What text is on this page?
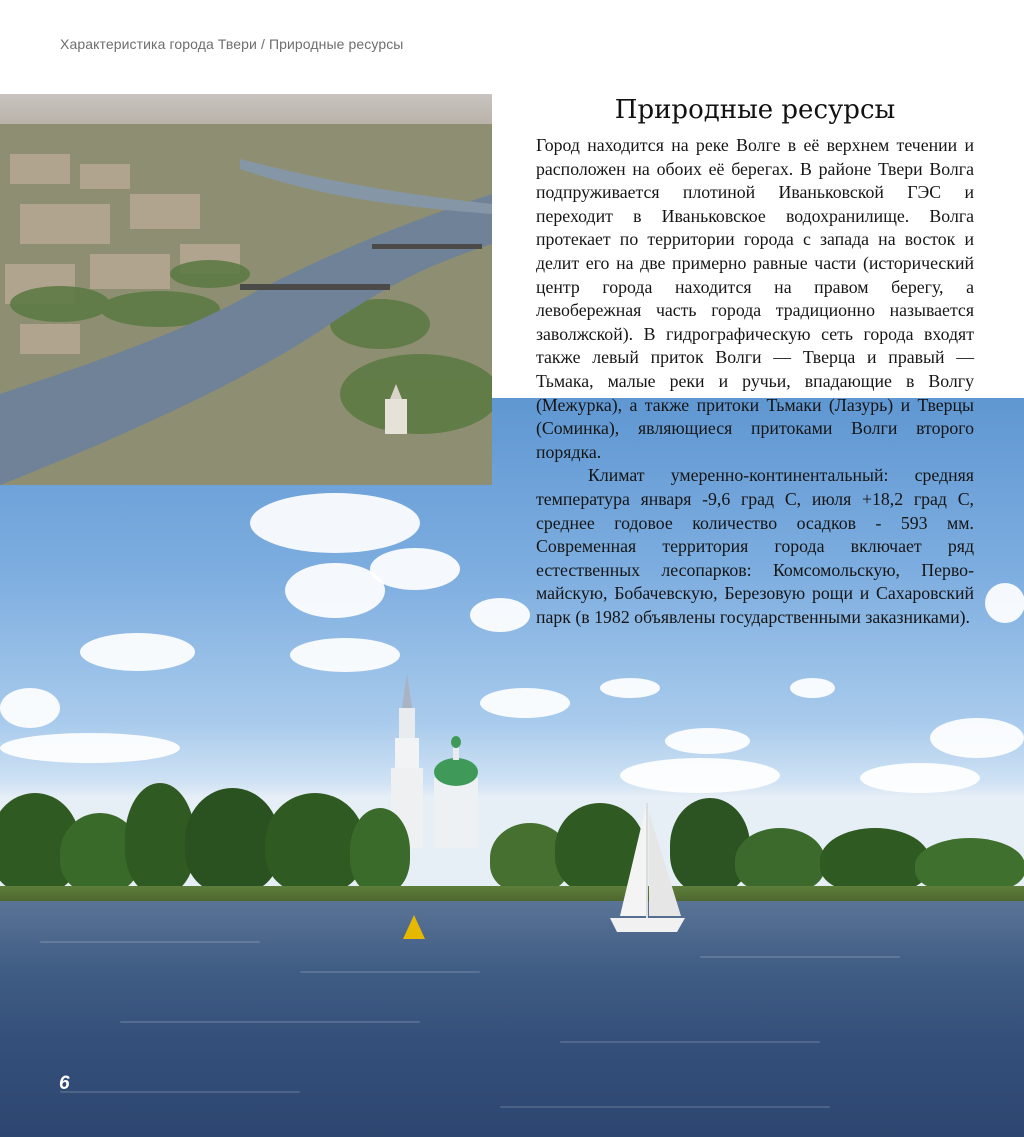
Характеристика города Твери / Природные ресурсы
Природные ресурсы

Город находится на реке Волге в её верхнем течении и расположен на обоих её берегах. В районе Твери Волга подпруживается плотиной Иваньковской ГЭС и переходит в Иваньковское водохранилище. Волга протекает по территории города с запада на восток и делит его на две примерно равные части (исторический центр города находится на правом берегу, а левобережная часть города традиционно называется заволжской). В гидрографическую сеть города входят также левый приток Волги — Тверца и правый — Тьмака, малые реки и ручьи, впадающие в Волгу (Межурка), а также притоки Тьмаки (Лазурь) и Тверцы (Соминка), являющиеся притоками Волги второго порядка.

Климат умеренно-континентальный: средняя температура января -9,6 град С, июля +18,2 град С, среднее годовое количество осадков - 593 мм. Современная территория города включает ряд естественных лесопарков: Комсомольскую, Перво-майскую, Бобачевскую, Березовую рощи и Сахаровский парк (в 1982 объявлены государственными заказниками).

6
